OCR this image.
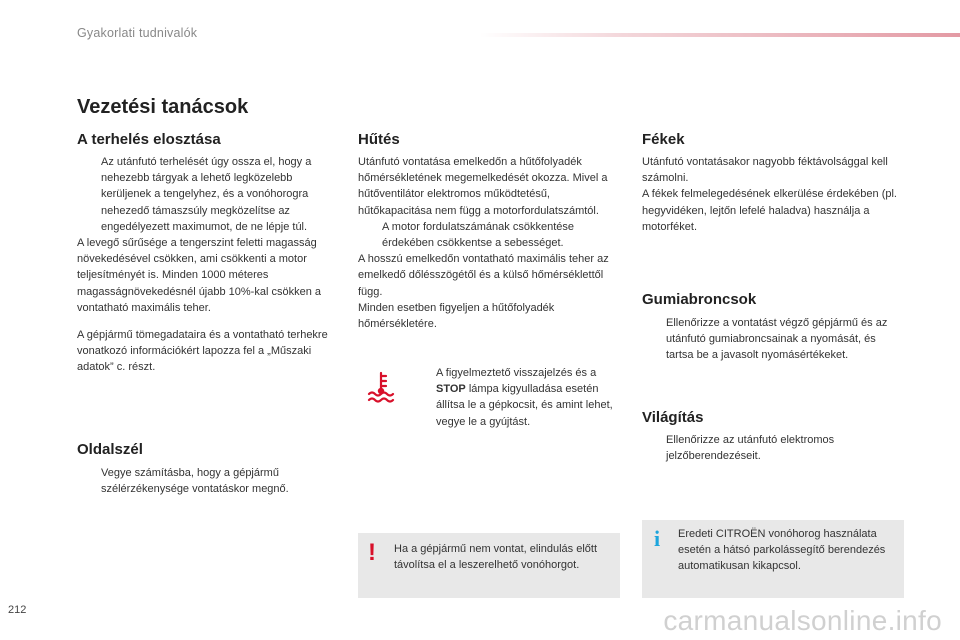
Gyakorlati tudnivalók
Vezetési tanácsok
A terhelés elosztása
Az utánfutó terhelését úgy ossza el, hogy a nehezebb tárgyak a lehető legközelebb kerüljenek a tengelyhez, és a vonóhorogra nehezedő támaszsúly megközelítse az engedélyezett maximumot, de ne lépje túl.

A levegő sűrűsége a tengerszint feletti magasság növekedésével csökken, ami csökkenti a motor teljesítményét is. Minden 1000 méteres magasságnövekedésnél újabb 10%-kal csökken a vontatható maximális teher.

A gépjármű tömegadataira és a vontatható terhekre vonatkozó információkért lapozza fel a „Műszaki adatok” c. részt.

Oldalszél
Vegye számításba, hogy a gépjármű szélérzékenysége vontatáskor megnő.
Hűtés

Utánfutó vontatása emelkedőn a hűtőfolyadék hőmérsékletének megemelkedését okozza. Mivel a hűtőventilátor elektromos működtetésű, hűtőkapacitása nem függ a motorfordulatszámtól.

A motor fordulatszámának csökkentése érdekében csökkentse a sebességet.

A hosszú emelkedőn vontatható maximális teher az emelkedő dőlésszögétől és a külső hőmérséklettől függ.

Minden esetben figyeljen a hűtőfolyadék hőmérsékletére.

A figyelmeztető visszajelzés és a STOP lámpa kigyulladása esetén állítsa le a gépkocsit, és amint lehet, vegye le a gyújtást.
! Ha a gépjármű nem vontat, elindulás előtt távolítsa el a leszerelhető vonóhorgot.
Fékek

Utánfutó vontatásakor nagyobb féktávolsággal kell számolni.

A fékek felmelegedésének elkerülése érdekében (pl. hegyvidéken, lejtőn lefelé haladva) használja a motorféket.

Gumiabroncsok
Ellenőrizze a vontatást végző gépjármű és az utánfutó gumiabroncsainak a nyomását, és tartsa be a javasolt nyomásértékeket.
Világítás
Ellenőrizze az utánfutó elektromos jelzőberendezéseit.
i Eredeti CITROËN vonóhorog használata esetén a hátsó parkolássegítő berendezés automatikusan kikapcsol.
212	carmanualsonline.info
